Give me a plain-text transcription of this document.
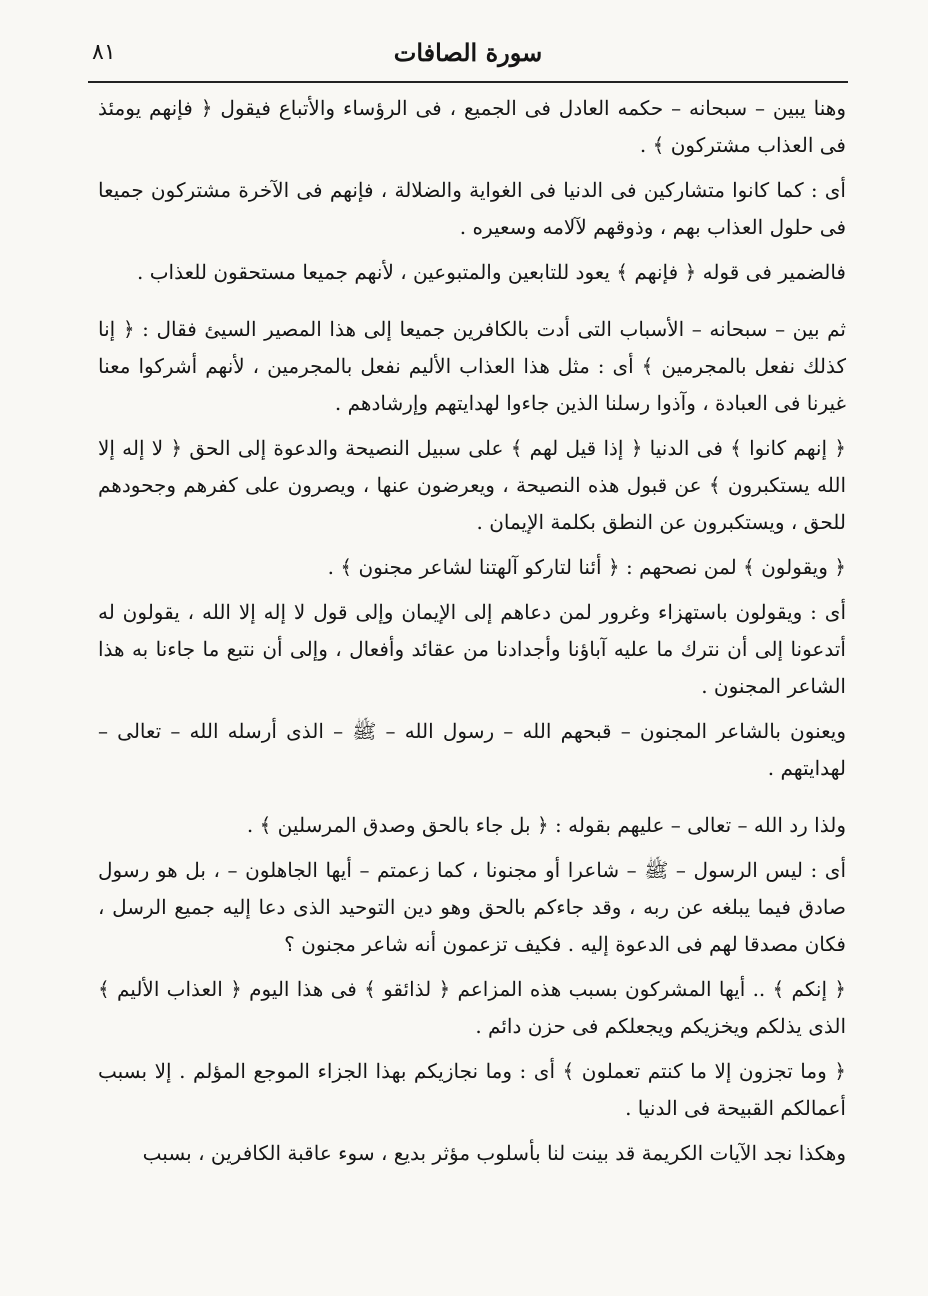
٨١	سورة الصافات

وهنا يبين – سبحانه – حكمه العادل فى الجميع ، فى الرؤساء والأتباع فيقول ﴿ فإنهم يومئذ فى العذاب مشتركون ﴾ .

أى : كما كانوا متشاركين فى الدنيا فى الغواية والضلالة ، فإنهم فى الآخرة مشتركون جميعا فى حلول العذاب بهم ، وذوقهم لآلامه وسعيره .

فالضمير فى قوله ﴿ فإنهم ﴾ يعود للتابعين والمتبوعين ، لأنهم جميعا مستحقون للعذاب .

ثم بين – سبحانه – الأسباب التى أدت بالكافرين جميعا إلى هذا المصير السيئ فقال : ﴿ إنا كذلك نفعل بالمجرمين ﴾ أى : مثل هذا العذاب الأليم نفعل بالمجرمين ، لأنهم أشركوا معنا غيرنا فى العبادة ، وآذوا رسلنا الذين جاءوا لهدايتهم وإرشادهم .

﴿ إنهم كانوا ﴾ فى الدنيا ﴿ إذا قيل لهم ﴾ على سبيل النصيحة والدعوة إلى الحق ﴿ لا إله إلا الله يستكبرون ﴾ عن قبول هذه النصيحة ، ويعرضون عنها ، ويصرون على كفرهم وجحودهم للحق ، ويستكبرون عن النطق بكلمة الإيمان .

﴿ ويقولون ﴾ لمن نصحهم : ﴿ أئنا لتاركو آلهتنا لشاعر مجنون ﴾ .

أى : ويقولون باستهزاء وغرور لمن دعاهم إلى الإيمان وإلى قول لا إله إلا الله ، يقولون له أتدعونا إلى أن نترك ما عليه آباؤنا وأجدادنا من عقائد وأفعال ، وإلى أن نتبع ما جاءنا به هذا الشاعر المجنون .

ويعنون بالشاعر المجنون – قبحهم الله – رسول الله – ﷺ – الذى أرسله الله – تعالى – لهدايتهم .

ولذا رد الله – تعالى – عليهم بقوله : ﴿ بل جاء بالحق وصدق المرسلين ﴾ .

أى : ليس الرسول – ﷺ – شاعرا أو مجنونا ، كما زعمتم – أيها الجاهلون – ، بل هو رسول صادق فيما يبلغه عن ربه ، وقد جاءكم بالحق وهو دين التوحيد الذى دعا إليه جميع الرسل ، فكان مصدقا لهم فى الدعوة إليه . فكيف تزعمون أنه شاعر مجنون ؟

﴿ إنكم ﴾ .. أيها المشركون بسبب هذه المزاعم ﴿ لذائقو ﴾ فى هذا اليوم ﴿ العذاب الأليم ﴾ الذى يذلكم ويخزيكم ويجعلكم فى حزن دائم .

﴿ وما تجزون إلا ما كنتم تعملون ﴾ أى : وما نجازيكم بهذا الجزاء الموجع المؤلم . إلا بسبب أعمالكم القبيحة فى الدنيا .

وهكذا نجد الآيات الكريمة قد بينت لنا بأسلوب مؤثر بديع ، سوء عاقبة الكافرين ، بسبب
